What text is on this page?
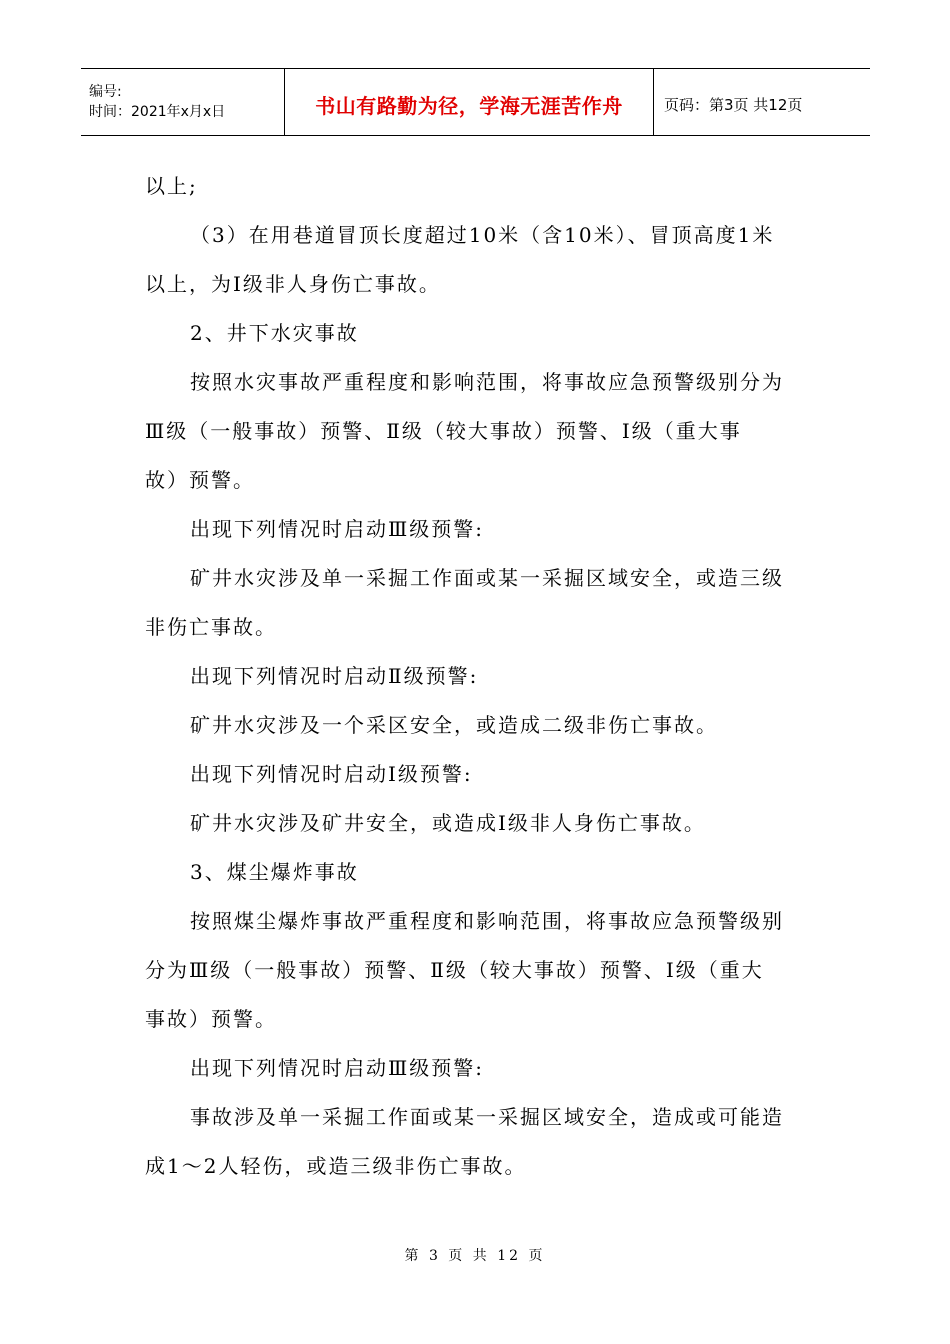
编号:
时间：2021年x月x日	书山有路勤为径，学海无涯苦作舟	页码：第3页 共12页

以上;

（3）在用巷道冒顶长度超过10米（含10米）、冒顶高度1米

以上，为Ⅰ级非人身伤亡事故。

2、井下水灾事故

按照水灾事故严重程度和影响范围，将事故应急预警级别分为

Ⅲ级（一般事故）预警、Ⅱ级（较大事故）预警、Ⅰ级（重大事

故）预警。

出现下列情况时启动Ⅲ级预警:

矿井水灾涉及单一采掘工作面或某一采掘区域安全，或造三级

非伤亡事故。

出现下列情况时启动Ⅱ级预警:

矿井水灾涉及一个采区安全，或造成二级非伤亡事故。

出现下列情况时启动Ⅰ级预警:

矿井水灾涉及矿井安全，或造成Ⅰ级非人身伤亡事故。

3、煤尘爆炸事故

按照煤尘爆炸事故严重程度和影响范围，将事故应急预警级别

分为Ⅲ级（一般事故）预警、Ⅱ级（较大事故）预警、Ⅰ级（重大

事故）预警。

出现下列情况时启动Ⅲ级预警:

事故涉及单一采掘工作面或某一采掘区域安全，造成或可能造

成1～2人轻伤，或造三级非伤亡事故。

第 3 页 共 12 页
